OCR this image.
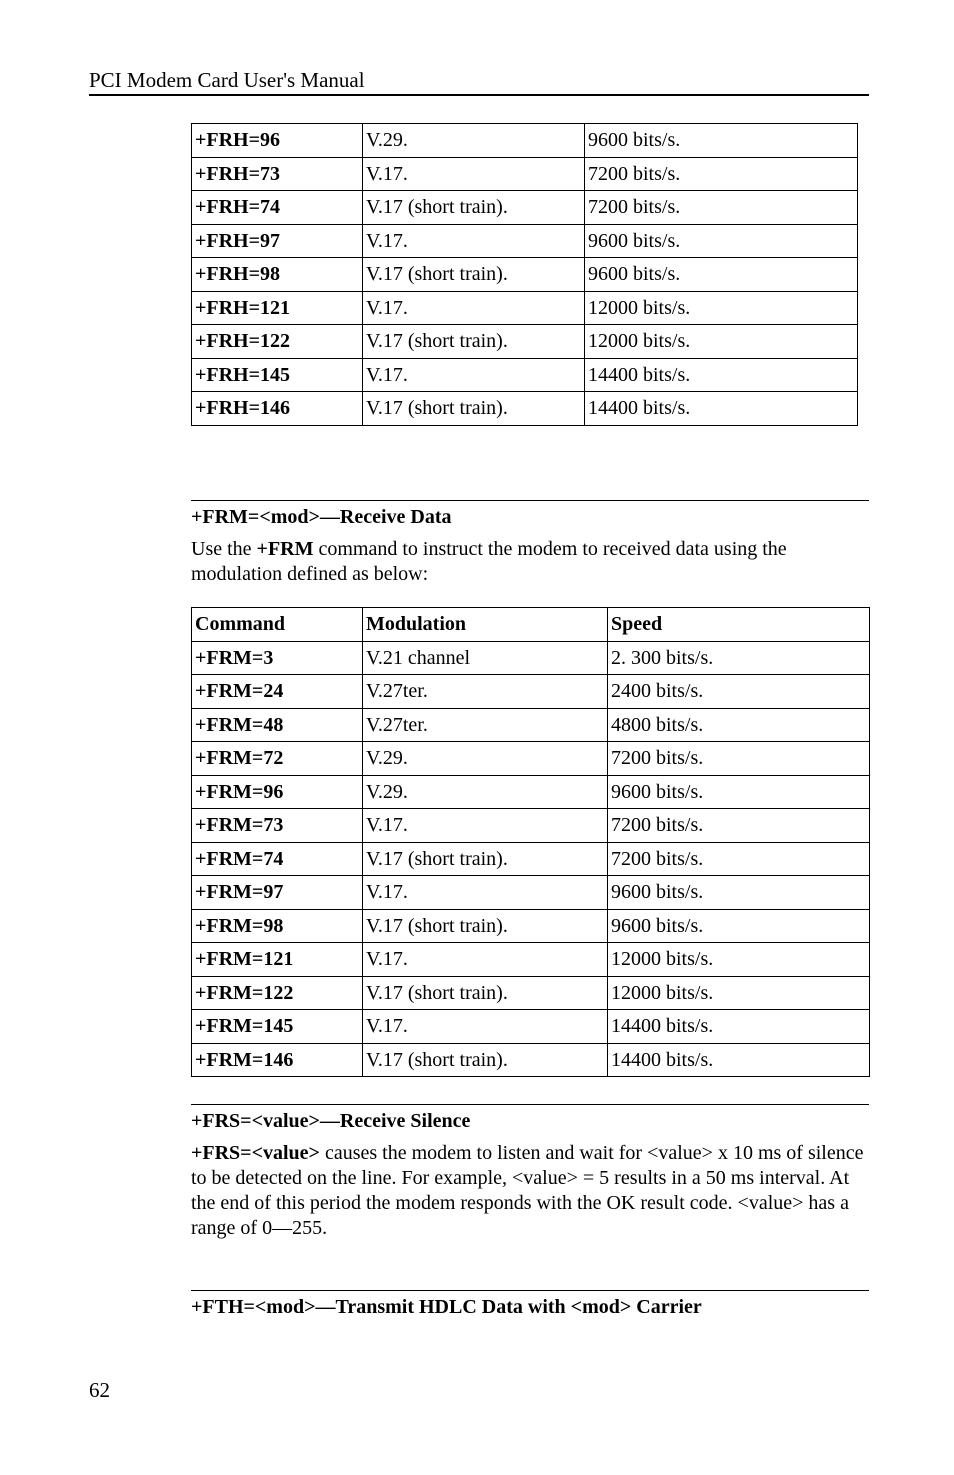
PCI Modem Card User's Manual
+FRH=96	V.29.	9600 bits/s.
+FRH=73	V.17.	7200 bits/s.
+FRH=74	V.17 (short train).	7200 bits/s.
+FRH=97	V.17.	9600 bits/s.
+FRH=98	V.17 (short train).	9600 bits/s.
+FRH=121	V.17.	12000 bits/s.
+FRH=122	V.17 (short train).	12000 bits/s.
+FRH=145	V.17.	14400 bits/s.
+FRH=146	V.17 (short train).	14400 bits/s.
+FRM=<mod>―Receive Data

Use the +FRM command to instruct the modem to received data using the modulation defined as below:

Command	Modulation	Speed
+FRM=3	V.21 channel	2. 300 bits/s.
+FRM=24	V.27ter.	2400 bits/s.
+FRM=48	V.27ter.	4800 bits/s.
+FRM=72	V.29.	7200 bits/s.
+FRM=96	V.29.	9600 bits/s.
+FRM=73	V.17.	7200 bits/s.
+FRM=74	V.17 (short train).	7200 bits/s.
+FRM=97	V.17.	9600 bits/s.
+FRM=98	V.17 (short train).	9600 bits/s.
+FRM=121	V.17.	12000 bits/s.
+FRM=122	V.17 (short train).	12000 bits/s.
+FRM=145	V.17.	14400 bits/s.
+FRM=146	V.17 (short train).	14400 bits/s.
+FRS=<value>―Receive Silence

+FRS=<value> causes the modem to listen and wait for <value> x 10 ms of silence to be detected on the line. For example, <value> = 5 results in a 50 ms interval. At the end of this period the modem responds with the OK result code. <value> has a range of 0—255.

+FTH=<mod>―Transmit HDLC Data with <mod> Carrier
62
